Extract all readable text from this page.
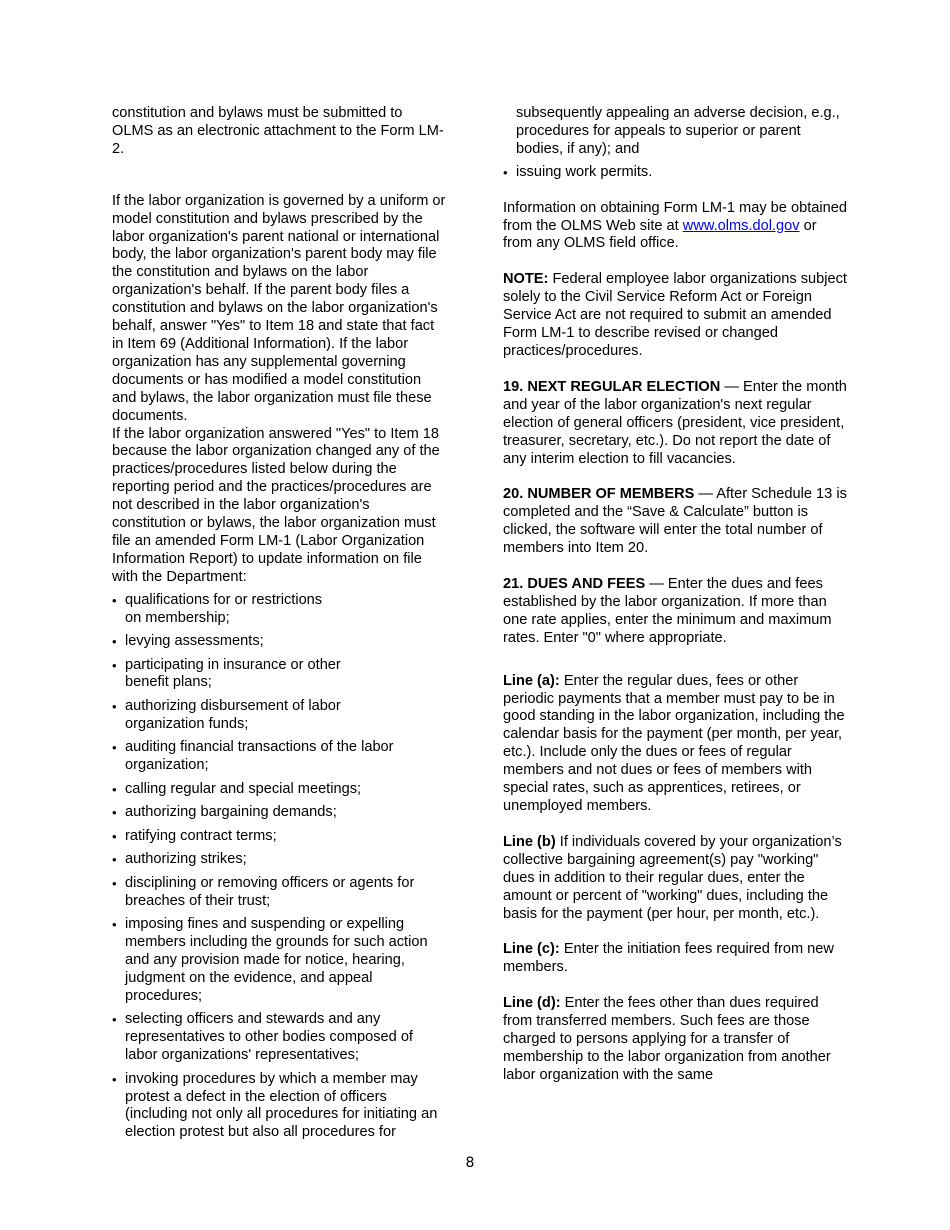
constitution and bylaws must be submitted to OLMS as an electronic attachment to the Form LM-2.

If the labor organization is governed by a uniform or model constitution and bylaws prescribed by the labor organization's parent national or international body, the labor organization's parent body may file the constitution and bylaws on the labor organization's behalf. If the parent body files a constitution and bylaws on the labor organization's behalf, answer "Yes" to Item 18 and state that fact in Item 69 (Additional Information). If the labor organization has any supplemental governing documents or has modified a model constitution and bylaws, the labor organization must file these documents.

If the labor organization answered "Yes" to Item 18 because the labor organization changed any of the practices/procedures listed below during the reporting period and the practices/procedures are not described in the labor organization's constitution or bylaws, the labor organization must file an amended Form LM-1 (Labor Organization Information Report) to update information on file with the Department:

• qualifications for or restrictions on membership;
• levying assessments;
• participating in insurance or other benefit plans;
• authorizing disbursement of labor organization funds;
• auditing financial transactions of the labor organization;
• calling regular and special meetings;
• authorizing bargaining demands;
• ratifying contract terms;
• authorizing strikes;
• disciplining or removing officers or agents for breaches of their trust;
• imposing fines and suspending or expelling members including the grounds for such action and any provision made for notice, hearing, judgment on the evidence, and appeal procedures;
• selecting officers and stewards and any representatives to other bodies composed of labor organizations' representatives;
• invoking procedures by which a member may protest a defect in the election of officers (including not only all procedures for initiating an election protest but also all procedures for

subsequently appealing an adverse decision, e.g., procedures for appeals to superior or parent bodies, if any); and

• issuing work permits.

Information on obtaining Form LM-1 may be obtained from the OLMS Web site at www.olms.dol.gov or from any OLMS field office.

NOTE: Federal employee labor organizations subject solely to the Civil Service Reform Act or Foreign Service Act are not required to submit an amended Form LM-1 to describe revised or changed practices/procedures.

19. NEXT REGULAR ELECTION — Enter the month and year of the labor organization's next regular election of general officers (president, vice president, treasurer, secretary, etc.). Do not report the date of any interim election to fill vacancies.

20. NUMBER OF MEMBERS — After Schedule 13 is completed and the “Save & Calculate” button is clicked, the software will enter the total number of members into Item 20.

21. DUES AND FEES — Enter the dues and fees established by the labor organization. If more than one rate applies, enter the minimum and maximum rates. Enter "0" where appropriate.

Line (a): Enter the regular dues, fees or other periodic payments that a member must pay to be in good standing in the labor organization, including the calendar basis for the payment (per month, per year, etc.). Include only the dues or fees of regular members and not dues or fees of members with special rates, such as apprentices, retirees, or unemployed members.

Line (b) If individuals covered by your organization’s collective bargaining agreement(s) pay "working" dues in addition to their regular dues, enter the amount or percent of "working" dues, including the basis for the payment (per hour, per month, etc.).

Line (c): Enter the initiation fees required from new members.

Line (d): Enter the fees other than dues required from transferred members. Such fees are those charged to persons applying for a transfer of membership to the labor organization from another labor organization with the same

8
